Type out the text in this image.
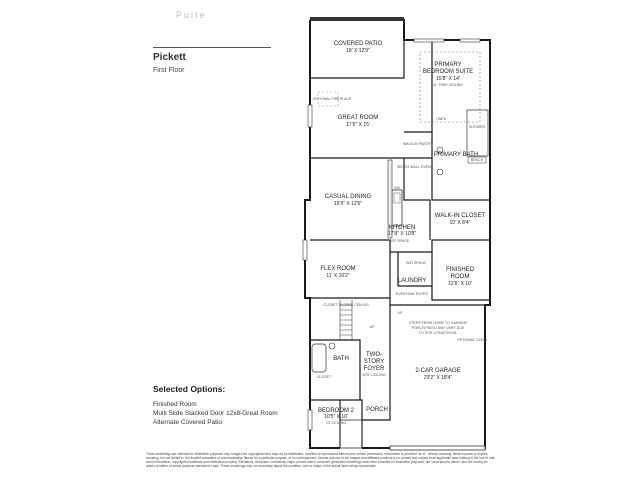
Pulte
Pickett
First Floor
Selected Options:
Finished Room
Multi Slide Stacked Door 12x8-Great Room
Alternate Covered Patio
COVERED PATIO
18' X 12'9"
PRIMARY
BEDROOM SUITE
15'8" X 14'
11' TRAY CEILING
OPTIONAL FIREPLACE
GREAT ROOM
17'6" X 15'
LINEN
WALK-IN PANTRY
MICRO WALL OVEN
PRIMARY BATH
BENCH
SHOWER
CASUAL DINING
15'9" X 12'6"
DW
KITCHEN
17'8" X 10'8"
REF SPACE
WALK-IN CLOSET
10' X 8'4"
FLEX ROOM
11' X 10'2"
W/D SPACE
LAUNDRY
FINISHED
ROOM
12'6" X 10'
EVERYDAY ENTRY
UP
UP
CLOSET SLOPED CEILING
STEPS FROM HOME TO GARAGE/
PORCH/ PATIO MAY VARY DUE
TO SITE CONDITIONS.
OPTIONAL DOOR
BATH
TWO-
STORY
FOYER
20'5" CEILING
2-CAR GARAGE
23'2" X 18'4"
CLOSET
BEDROOM 2
10'5" X 10'
10' CEILING
PORCH
These renderings are intended for illustrative purposes only. Images are copyrighted and may not be distributed, modified or reproduced without prior written permission. Information is provided "as is", without warranty, either express or implied, including, but not limited to, the implied warranties of merchantability, fitness for a particular purpose, or non-infringement. Access and use of the images and affiliated products is on a basis and subject to all applicable laws relating to the use of real-world information, copyrighted materials and intellectual property. Elevations, floorplans, community maps, photos and/or computer generated renderings have been provided for illustrative purposes, are conceptual in nature, and are merely an artist's rendition of actual products intended for sale. These renderings may not accurately depict the condition, size or shape of the actual items being represented.
